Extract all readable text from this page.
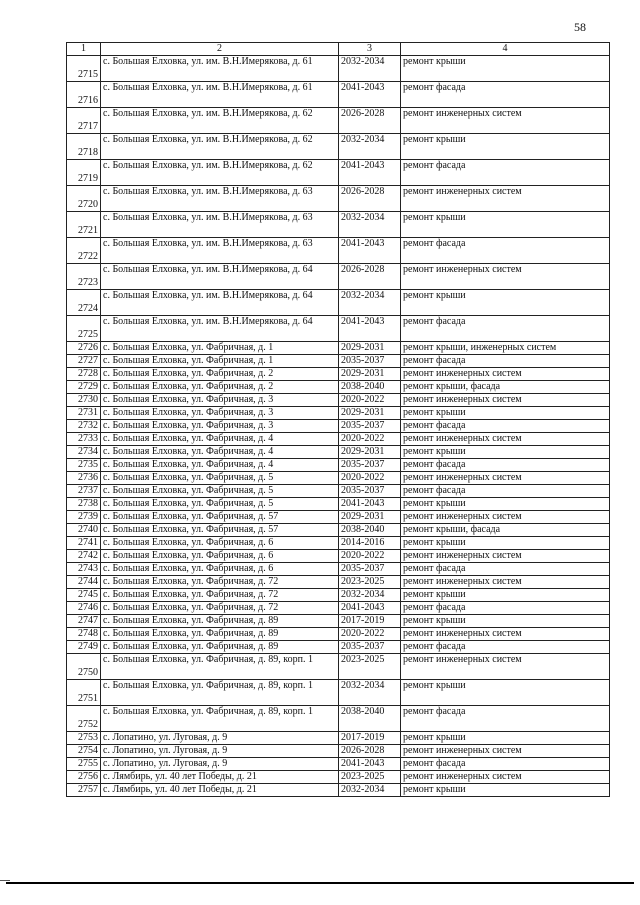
58
1	2	3	4
2715	с. Большая Елховка, ул. им. В.Н.Имерякова, д. 61	2032-2034	ремонт крыши
2716	с. Большая Елховка, ул. им. В.Н.Имерякова, д. 61	2041-2043	ремонт фасада
2717	с. Большая Елховка, ул. им. В.Н.Имерякова, д. 62	2026-2028	ремонт инженерных систем
2718	с. Большая Елховка, ул. им. В.Н.Имерякова, д. 62	2032-2034	ремонт крыши
2719	с. Большая Елховка, ул. им. В.Н.Имерякова, д. 62	2041-2043	ремонт фасада
2720	с. Большая Елховка, ул. им. В.Н.Имерякова, д. 63	2026-2028	ремонт инженерных систем
2721	с. Большая Елховка, ул. им. В.Н.Имерякова, д. 63	2032-2034	ремонт крыши
2722	с. Большая Елховка, ул. им. В.Н.Имерякова, д. 63	2041-2043	ремонт фасада
2723	с. Большая Елховка, ул. им. В.Н.Имерякова, д. 64	2026-2028	ремонт инженерных систем
2724	с. Большая Елховка, ул. им. В.Н.Имерякова, д. 64	2032-2034	ремонт крыши
2725	с. Большая Елховка, ул. им. В.Н.Имерякова, д. 64	2041-2043	ремонт фасада
2726	с. Большая Елховка, ул. Фабричная, д. 1	2029-2031	ремонт крыши, инженерных систем
2727	с. Большая Елховка, ул. Фабричная, д. 1	2035-2037	ремонт фасада
2728	с. Большая Елховка, ул. Фабричная, д. 2	2029-2031	ремонт инженерных систем
2729	с. Большая Елховка, ул. Фабричная, д. 2	2038-2040	ремонт крыши, фасада
2730	с. Большая Елховка, ул. Фабричная, д. 3	2020-2022	ремонт инженерных систем
2731	с. Большая Елховка, ул. Фабричная, д. 3	2029-2031	ремонт крыши
2732	с. Большая Елховка, ул. Фабричная, д. 3	2035-2037	ремонт фасада
2733	с. Большая Елховка, ул. Фабричная, д. 4	2020-2022	ремонт инженерных систем
2734	с. Большая Елховка, ул. Фабричная, д. 4	2029-2031	ремонт крыши
2735	с. Большая Елховка, ул. Фабричная, д. 4	2035-2037	ремонт фасада
2736	с. Большая Елховка, ул. Фабричная, д. 5	2020-2022	ремонт инженерных систем
2737	с. Большая Елховка, ул. Фабричная, д. 5	2035-2037	ремонт фасада
2738	с. Большая Елховка, ул. Фабричная, д. 5	2041-2043	ремонт крыши
2739	с. Большая Елховка, ул. Фабричная, д. 57	2029-2031	ремонт инженерных систем
2740	с. Большая Елховка, ул. Фабричная, д. 57	2038-2040	ремонт крыши, фасада
2741	с. Большая Елховка, ул. Фабричная, д. 6	2014-2016	ремонт крыши
2742	с. Большая Елховка, ул. Фабричная, д. 6	2020-2022	ремонт инженерных систем
2743	с. Большая Елховка, ул. Фабричная, д. 6	2035-2037	ремонт фасада
2744	с. Большая Елховка, ул. Фабричная, д. 72	2023-2025	ремонт инженерных систем
2745	с. Большая Елховка, ул. Фабричная, д. 72	2032-2034	ремонт крыши
2746	с. Большая Елховка, ул. Фабричная, д. 72	2041-2043	ремонт фасада
2747	с. Большая Елховка, ул. Фабричная, д. 89	2017-2019	ремонт крыши
2748	с. Большая Елховка, ул. Фабричная, д. 89	2020-2022	ремонт инженерных систем
2749	с. Большая Елховка, ул. Фабричная, д. 89	2035-2037	ремонт фасада
2750	с. Большая Елховка, ул. Фабричная, д. 89, корп. 1	2023-2025	ремонт инженерных систем
2751	с. Большая Елховка, ул. Фабричная, д. 89, корп. 1	2032-2034	ремонт крыши
2752	с. Большая Елховка, ул. Фабричная, д. 89, корп. 1	2038-2040	ремонт фасада
2753	с. Лопатино, ул. Луговая, д. 9	2017-2019	ремонт крыши
2754	с. Лопатино, ул. Луговая, д. 9	2026-2028	ремонт инженерных систем
2755	с. Лопатино, ул. Луговая, д. 9	2041-2043	ремонт фасада
2756	с. Лямбирь, ул. 40 лет Победы, д. 21	2023-2025	ремонт инженерных систем
2757	с. Лямбирь, ул. 40 лет Победы, д. 21	2032-2034	ремонт крыши
